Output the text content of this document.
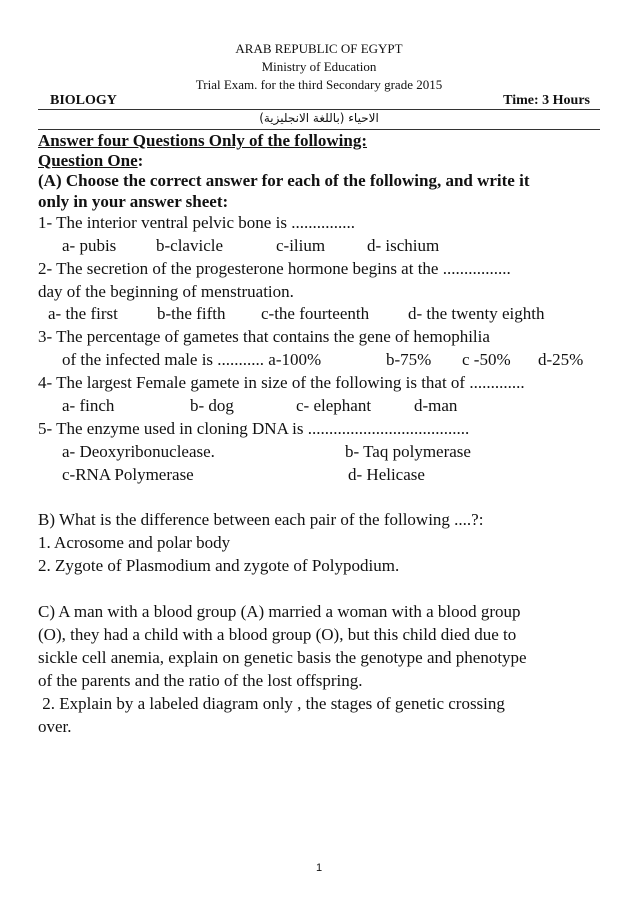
ARAB REPUBLIC OF EGYPT
Ministry of Education
Trial Exam. for the third Secondary grade 2015
BIOLOGY	Time: 3 Hours
الاحياء (باللغة الانجليزية)
Answer four Questions Only of the following:
Question One:
(A) Choose the correct answer for each of the following, and write it
only in your answer sheet:
1- The interior ventral pelvic bone is ...............
a- pubis b-clavicle	c-ilium d- ischium
2- The secretion of the progesterone hormone begins at the ................
day of the beginning of menstruation.
a- the first b-the fifth c-the fourteenth d- the twenty eighth
3- The percentage of gametes that contains the gene of hemophilia
of the infected male is ........... a-100%	b-75% c -50% d-25%
4- The largest Female gamete in size of the following is that of .............
a- finch	b- dog	c- elephant	d-man
5- The enzyme used in cloning DNA is ......................................
a- Deoxyribonuclease.	b- Taq polymerase
c-RNA Polymerase	d- Helicase
B) What is the difference between each pair of the following ....?:
1. Acrosome and polar body
2. Zygote of Plasmodium and zygote of Polypodium.
C) A man with a blood group (A) married a woman with a blood group
(O), they had a child with a blood group (O), but this child died due to
sickle cell anemia, explain on genetic basis the genotype and phenotype
of the parents and the ratio of the lost offspring.
2. Explain by a labeled diagram only , the stages of genetic crossing
over.
1
